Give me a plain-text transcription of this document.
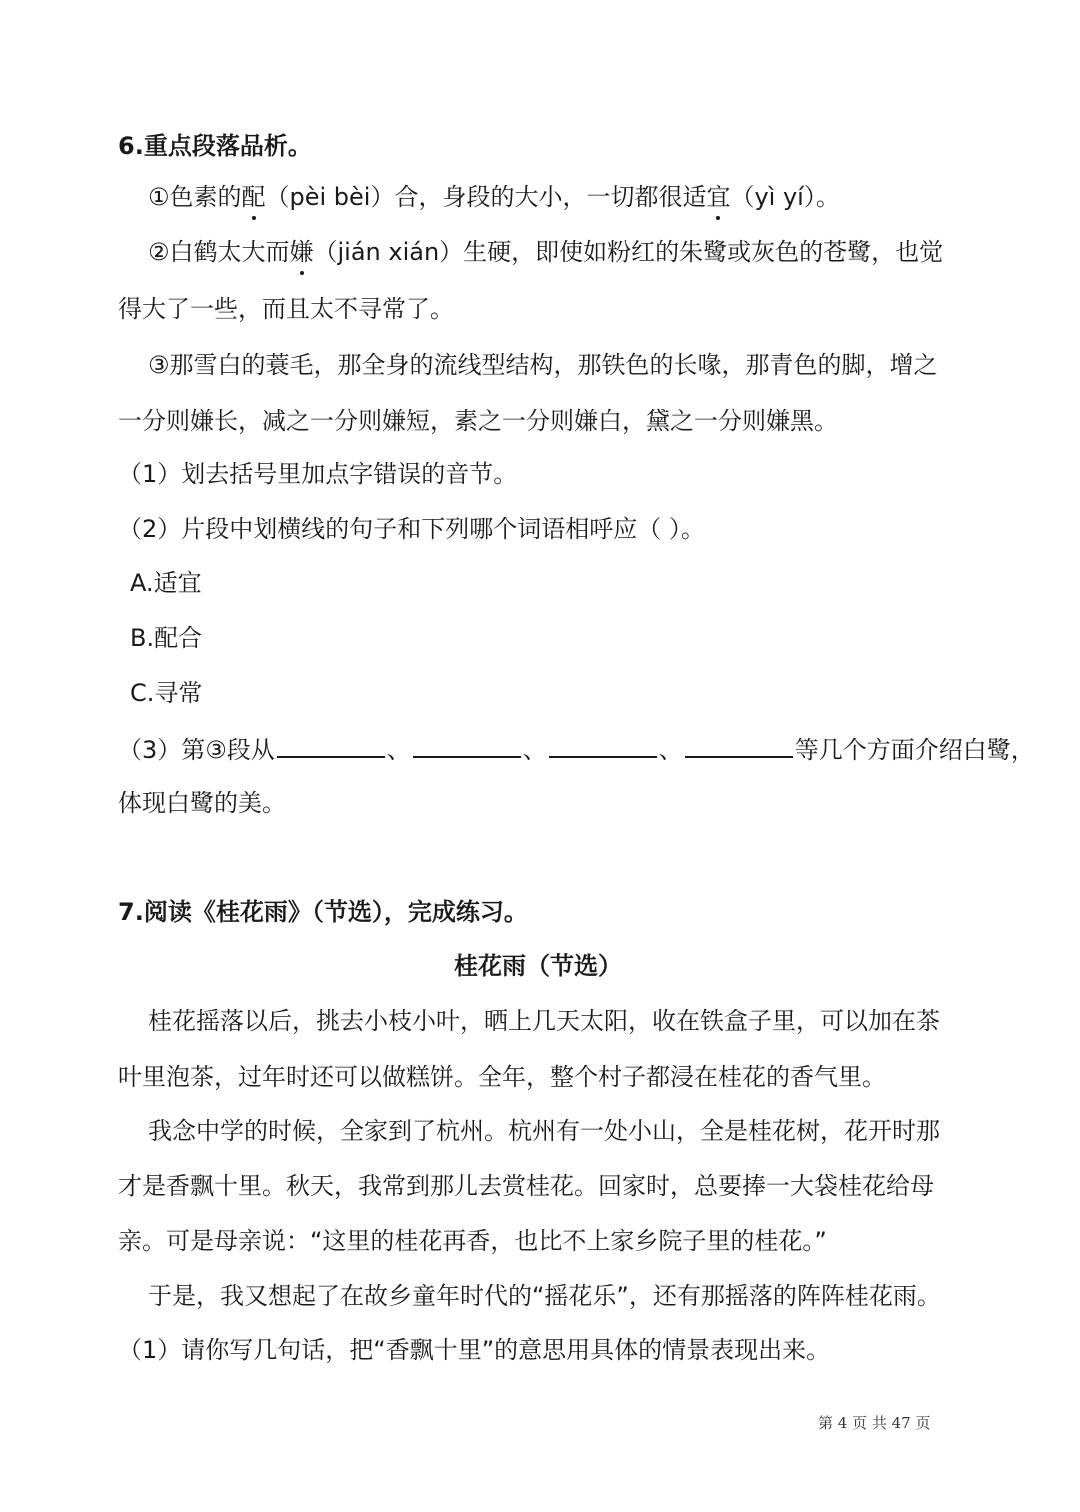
6.重点段落品析。
①色素的配（pèi bèi）合，身段的大小，一切都很适宜（yì yí）。
②白鹤太大而嫌（jián xián）生硬，即使如粉红的朱鹭或灰色的苍鹭，也觉
得大了一些，而且太不寻常了。
③那雪白的蓑毛，那全身的流线型结构，那铁色的长喙，那青色的脚，增之
一分则嫌长，减之一分则嫌短，素之一分则嫌白，黛之一分则嫌黑。
（1）划去括号里加点字错误的音节。
（2）片段中划横线的句子和下列哪个词语相呼应（ ）。
A.适宜
B.配合
C.寻常
（3）第③段从	、	、	、	等几个方面介绍白鹭，
体现白鹭的美。
7.阅读《桂花雨》（节选），完成练习。
桂花雨（节选）
桂花摇落以后，挑去小枝小叶，晒上几天太阳，收在铁盒子里，可以加在茶
叶里泡茶，过年时还可以做糕饼。全年，整个村子都浸在桂花的香气里。
我念中学的时候，全家到了杭州。杭州有一处小山，全是桂花树，花开时那
才是香飘十里。秋天，我常到那儿去赏桂花。回家时，总要捧一大袋桂花给母
亲。可是母亲说：“这里的桂花再香，也比不上家乡院子里的桂花。”
于是，我又想起了在故乡童年时代的“摇花乐”，还有那摇落的阵阵桂花雨。
（1）请你写几句话，把“香飘十里”的意思用具体的情景表现出来。
第 4 页 共 47 页
